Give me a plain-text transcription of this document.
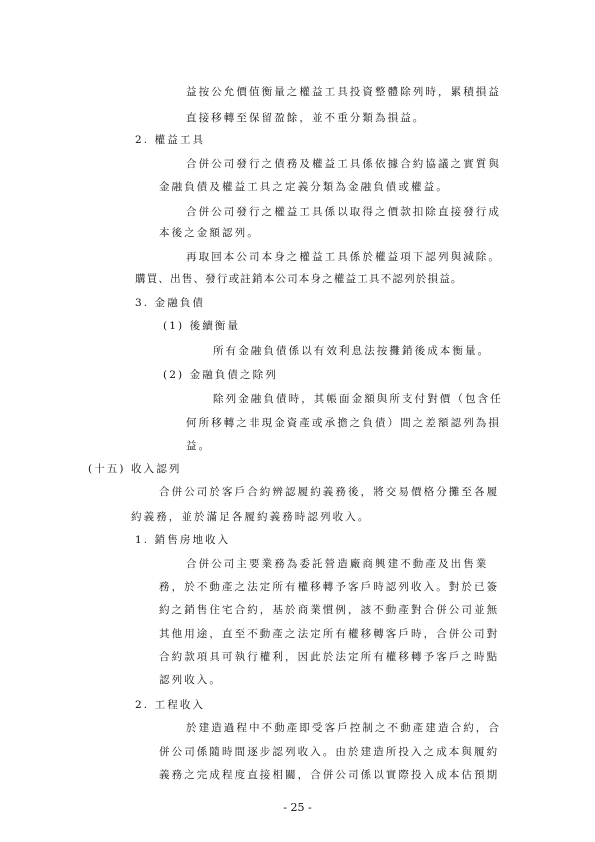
益按公允價值衡量之權益工具投資整體除列時，累積損益
直接移轉至保留盈餘，並不重分類為損益。
2. 權益工具
合併公司發行之債務及權益工具係依據合約協議之實質與
金融負債及權益工具之定義分類為金融負債或權益。
合併公司發行之權益工具係以取得之價款扣除直接發行成
本後之金額認列。
再取回本公司本身之權益工具係於權益項下認列與減除。
購買、出售、發行或註銷本公司本身之權益工具不認列於損益。
3. 金融負債
(1) 後續衡量
所有金融負債係以有效利息法按攤銷後成本衡量。
(2) 金融負債之除列
除列金融負債時，其帳面金額與所支付對價（包含任
何所移轉之非現金資產或承擔之負債）間之差額認列為損
益。
(十五) 收入認列
合併公司於客戶合約辨認履約義務後，將交易價格分攤至各履
約義務，並於滿足各履約義務時認列收入。
1. 銷售房地收入
合併公司主要業務為委託營造廠商興建不動產及出售業
務，於不動產之法定所有權移轉予客戶時認列收入。對於已簽
約之銷售住宅合約，基於商業慣例，該不動產對合併公司並無
其他用途，直至不動產之法定所有權移轉客戶時，合併公司對
合約款項具可執行權利，因此於法定所有權移轉予客戶之時點
認列收入。
2. 工程收入
於建造過程中不動產即受客戶控制之不動產建造合約，合
併公司係隨時間逐步認列收入。由於建造所投入之成本與履約
義務之完成程度直接相關，合併公司係以實際投入成本估預期
- 25 -
